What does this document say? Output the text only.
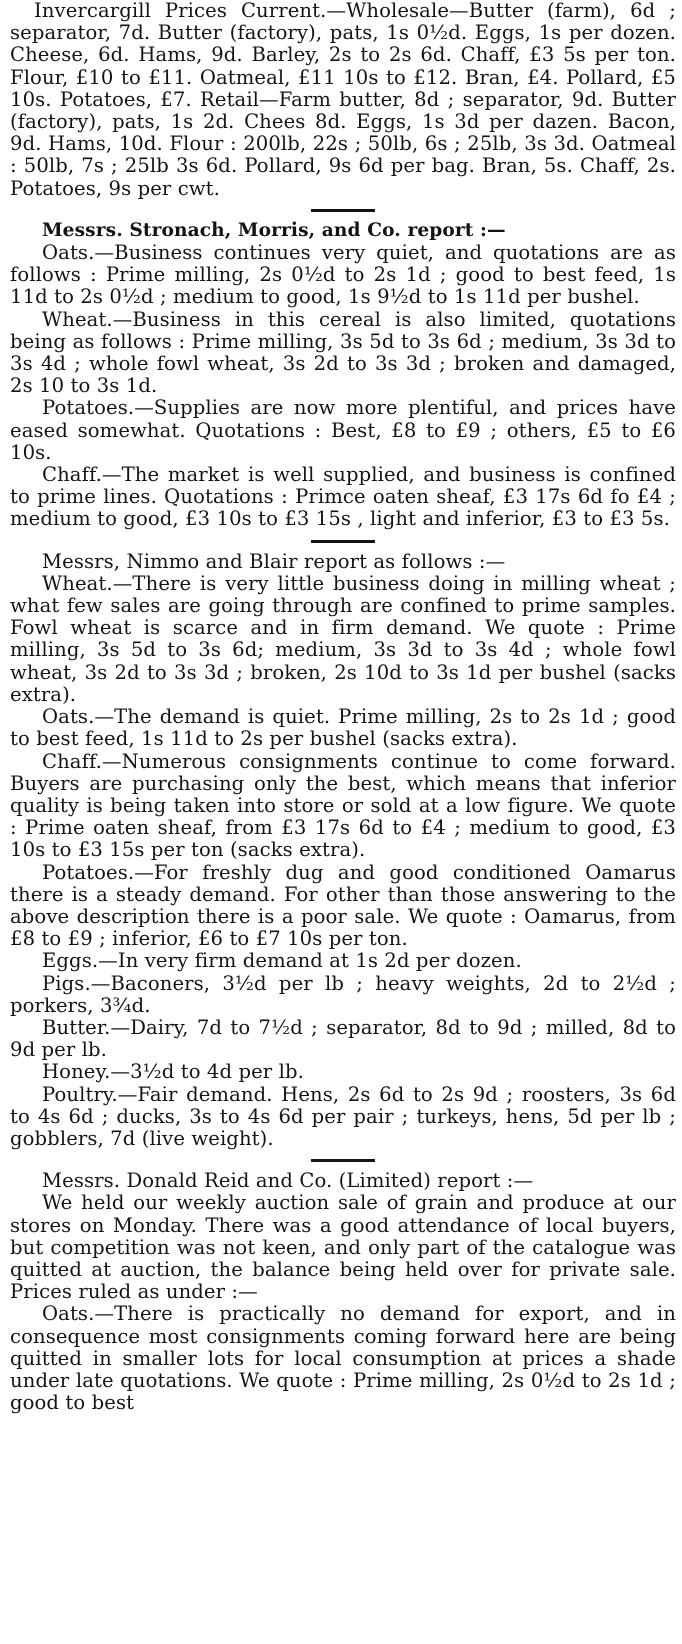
Invercargill Prices Current.—Wholesale—Butter (farm), 6d ; separator, 7d. Butter (factory), pats, 1s 0½d. Eggs, 1s per dozen. Cheese, 6d. Hams, 9d. Barley, 2s to 2s 6d. Chaff, £3 5s per ton. Flour, £10 to £11. Oatmeal, £11 10s to £12. Bran, £4. Pollard, £5 10s. Potatoes, £7. Retail—Farm butter, 8d ; separator, 9d. Butter (factory), pats, 1s 2d. Chees 8d. Eggs, 1s 3d per dazen. Bacon, 9d. Hams, 10d. Flour : 200lb, 22s ; 50lb, 6s ; 25lb, 3s 3d. Oatmeal : 50lb, 7s ; 25lb 3s 6d. Pollard, 9s 6d per bag. Bran, 5s. Chaff, 2s. Potatoes, 9s per cwt.

Messrs. Stronach, Morris, and Co. report :—

Oats.—Business continues very quiet, and quotations are as follows : Prime milling, 2s 0½d to 2s 1d ; good to best feed, 1s 11d to 2s 0½d ; medium to good, 1s 9½d to 1s 11d per bushel.

Wheat.—Business in this cereal is also limited, quotations being as follows : Prime milling, 3s 5d to 3s 6d ; medium, 3s 3d to 3s 4d ; whole fowl wheat, 3s 2d to 3s 3d ; broken and damaged, 2s 10 to 3s 1d.

Potatoes.—Supplies are now more plentiful, and prices have eased somewhat. Quotations : Best, £8 to £9 ; others, £5 to £6 10s.

Chaff.—The market is well supplied, and business is confined to prime lines. Quotations : Primce oaten sheaf, £3 17s 6d fo £4 ; medium to good, £3 10s to £3 15s , light and inferior, £3 to £3 5s.

Messrs, Nimmo and Blair report as follows :—

Wheat.—There is very little business doing in milling wheat ; what few sales are going through are confined to prime samples. Fowl wheat is scarce and in firm demand. We quote : Prime milling, 3s 5d to 3s 6d; medium, 3s 3d to 3s 4d ; whole fowl wheat, 3s 2d to 3s 3d ; broken, 2s 10d to 3s 1d per bushel (sacks extra).

Oats.—The demand is quiet. Prime milling, 2s to 2s 1d ; good to best feed, 1s 11d to 2s per bushel (sacks extra).

Chaff.—Numerous consignments continue to come forward. Buyers are purchasing only the best, which means that inferior quality is being taken into store or sold at a low figure. We quote : Prime oaten sheaf, from £3 17s 6d to £4 ; medium to good, £3 10s to £3 15s per ton (sacks extra).

Potatoes.—For freshly dug and good conditioned Oamarus there is a steady demand. For other than those answering to the above description there is a poor sale. We quote : Oamarus, from £8 to £9 ; inferior, £6 to £7 10s per ton.

Eggs.—In very firm demand at 1s 2d per dozen.

Pigs.—Baconers, 3½d per lb ; heavy weights, 2d to 2½d ; porkers, 3¾d.

Butter.—Dairy, 7d to 7½d ; separator, 8d to 9d ; milled, 8d to 9d per lb.

Honey.—3½d to 4d per lb.

Poultry.—Fair demand. Hens, 2s 6d to 2s 9d ; roosters, 3s 6d to 4s 6d ; ducks, 3s to 4s 6d per pair ; turkeys, hens, 5d per lb ; gobblers, 7d (live weight).

Messrs. Donald Reid and Co. (Limited) report :—

We held our weekly auction sale of grain and produce at our stores on Monday. There was a good attendance of local buyers, but competition was not keen, and only part of the catalogue was quitted at auction, the balance being held over for private sale. Prices ruled as under :—

Oats.—There is practically no demand for export, and in consequence most consignments coming forward here are being quitted in smaller lots for local consumption at prices a shade under late quotations. We quote : Prime milling, 2s 0½d to 2s 1d ; good to best
